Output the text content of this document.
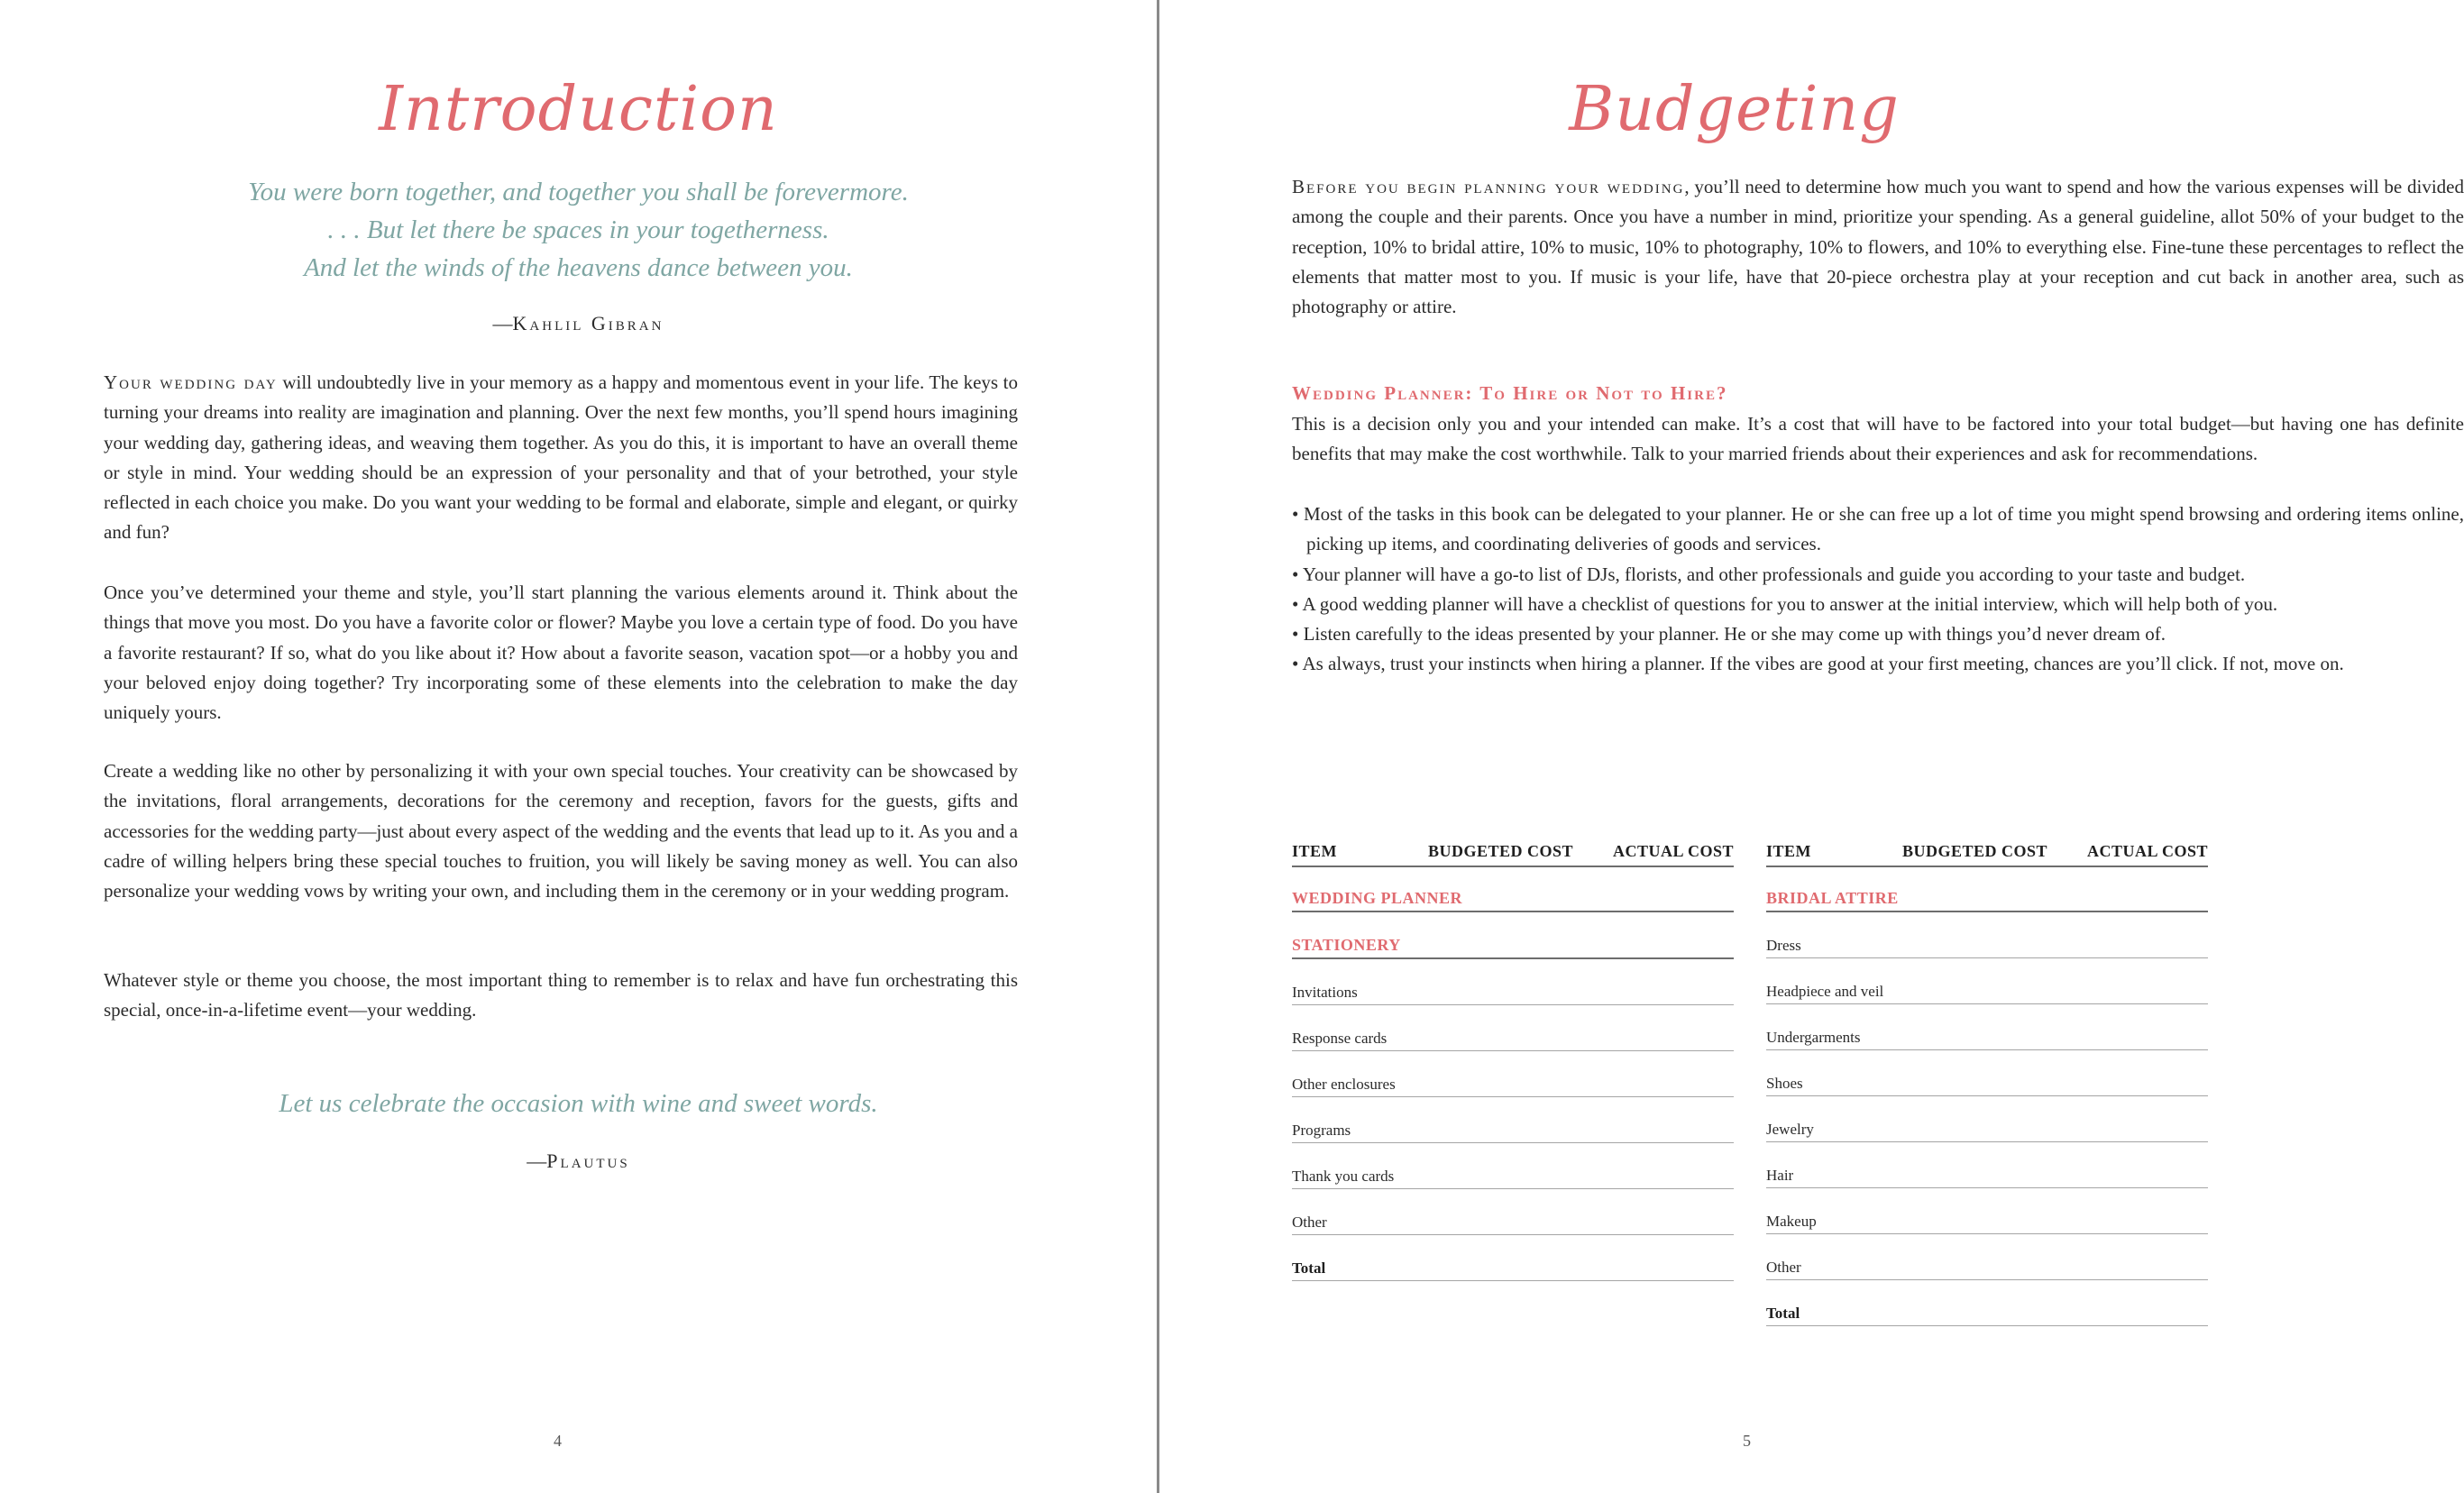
Introduction
You were born together, and together you shall be forevermore.
. . . But let there be spaces in your togetherness.
And let the winds of the heavens dance between you.
—Kahlil Gibran
Your wedding day will undoubtedly live in your memory as a happy and momentous event in your life. The keys to turning your dreams into reality are imagination and planning. Over the next few months, you’ll spend hours imagining your wedding day, gathering ideas, and weaving them together. As you do this, it is important to have an overall theme or style in mind. Your wedding should be an expression of your personality and that of your betrothed, your style reflected in each choice you make. Do you want your wedding to be formal and elaborate, simple and elegant, or quirky and fun?
Once you’ve determined your theme and style, you’ll start planning the various elements around it. Think about the things that move you most. Do you have a favorite color or flower? Maybe you love a certain type of food. Do you have a favorite restaurant? If so, what do you like about it? How about a favorite season, vacation spot—or a hobby you and your beloved enjoy doing together? Try incorporating some of these elements into the celebration to make the day uniquely yours.
Create a wedding like no other by personalizing it with your own special touches. Your creativity can be showcased by the invitations, floral arrangements, decorations for the ceremony and reception, favors for the guests, gifts and accessories for the wedding party—just about every aspect of the wedding and the events that lead up to it. As you and a cadre of willing helpers bring these special touches to fruition, you will likely be saving money as well. You can also personalize your wedding vows by writing your own, and including them in the ceremony or in your wedding program.
Whatever style or theme you choose, the most important thing to remember is to relax and have fun orchestrating this special, once-in-a-lifetime event—your wedding.
Let us celebrate the occasion with wine and sweet words.
—Plautus
4
Budgeting
Before you begin planning your wedding, you’ll need to determine how much you want to spend and how the various expenses will be divided among the couple and their parents. Once you have a number in mind, prioritize your spending. As a general guideline, allot 50% of your budget to the reception, 10% to bridal attire, 10% to music, 10% to photography, 10% to flowers, and 10% to everything else. Fine-tune these percentages to reflect the elements that matter most to you. If music is your life, have that 20-piece orchestra play at your reception and cut back in another area, such as photography or attire.
Wedding Planner: To Hire or Not to Hire?
This is a decision only you and your intended can make. It’s a cost that will have to be factored into your total budget—but having one has definite benefits that may make the cost worthwhile. Talk to your married friends about their experiences and ask for recommendations.
• Most of the tasks in this book can be delegated to your planner. He or she can free up a lot of time you might spend browsing and ordering items online, picking up items, and coordinating deliveries of goods and services.
• Your planner will have a go-to list of DJs, florists, and other professionals and guide you according to your taste and budget.
• A good wedding planner will have a checklist of questions for you to answer at the initial interview, which will help both of you.
• Listen carefully to the ideas presented by your planner. He or she may come up with things you’d never dream of.
• As always, trust your instincts when hiring a planner. If the vibes are good at your first meeting, chances are you’ll click. If not, move on.
ITEM	BUDGETED COST ACTUAL COST
WEDDING PLANNER
STATIONERY
Invitations
Response cards
Other enclosures
Programs
Thank you cards
Other
Total
ITEM	BUDGETED COST ACTUAL COST
BRIDAL ATTIRE
Dress
Headpiece and veil
Undergarments
Shoes
Jewelry
Hair
Makeup
Other
Total
5
